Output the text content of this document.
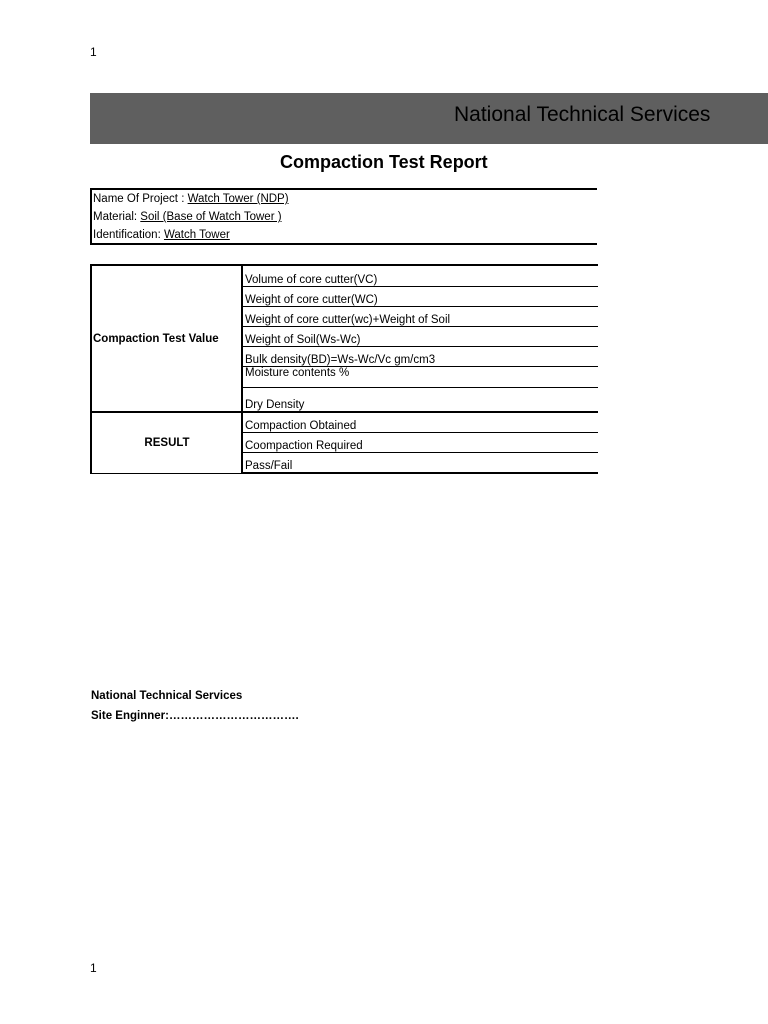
1
National Technical Services
Compaction Test Report
Name Of Project : Watch Tower (NDP)
Material: Soil (Base of Watch Tower )
Identification: Watch Tower
Compaction Test Value	Volume of core cutter(VC)
	Weight of core cutter(WC)
	Weight of core cutter(wc)+Weight of Soil
	Weight of Soil(Ws-Wc)
	Bulk density(BD)=Ws-Wc/Vc gm/cm3
	Moisture contents %
	Dry Density
RESULT	Compaction Obtained
	Coompaction Required
	Pass/Fail
National Technical Services
Site Enginner:…………………………….
1
